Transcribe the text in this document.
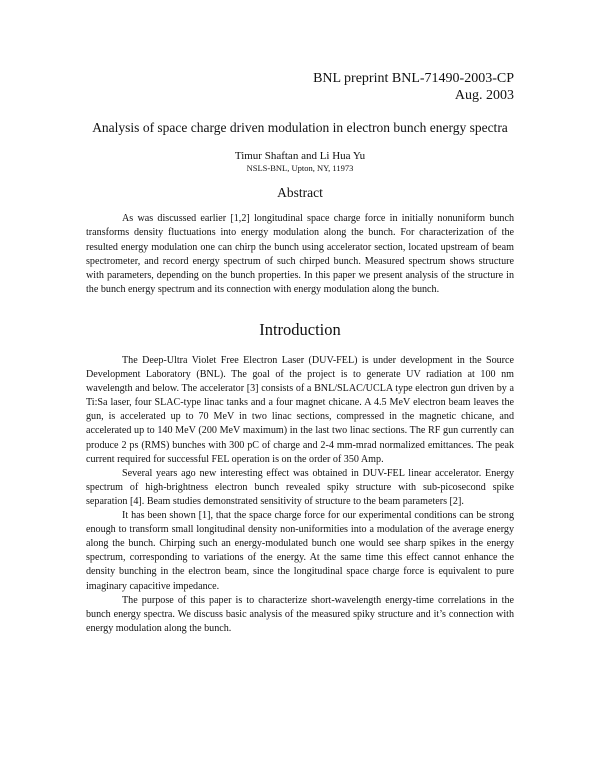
BNL preprint BNL-71490-2003-CP
Aug. 2003
Analysis of space charge driven modulation in electron bunch energy spectra
Timur Shaftan and Li Hua Yu
NSLS-BNL, Upton, NY, 11973
Abstract

As was discussed earlier [1,2] longitudinal space charge force in initially nonuniform bunch transforms density fluctuations into energy modulation along the bunch. For characterization of the resulted energy modulation one can chirp the bunch using accelerator section, located upstream of beam spectrometer, and record energy spectrum of such chirped bunch. Measured spectrum shows structure with parameters, depending on the bunch properties. In this paper we present analysis of the structure in the bunch energy spectrum and its connection with energy modulation along the bunch.

Introduction

The Deep-Ultra Violet Free Electron Laser (DUV-FEL) is under development in the Source Development Laboratory (BNL). The goal of the project is to generate UV radiation at 100 nm wavelength and below. The accelerator [3] consists of a BNL/SLAC/UCLA type electron gun driven by a Ti:Sa laser, four SLAC-type linac tanks and a four magnet chicane. A 4.5 MeV electron beam leaves the gun, is accelerated up to 70 MeV in two linac sections, compressed in the magnetic chicane, and accelerated up to 140 MeV (200 MeV maximum) in the last two linac sections. The RF gun currently can produce 2 ps (RMS) bunches with 300 pC of charge and 2-4 mm-mrad normalized emittances. The peak current required for successful FEL operation is on the order of 350 Amp.

Several years ago new interesting effect was obtained in DUV-FEL linear accelerator. Energy spectrum of high-brightness electron bunch revealed spiky structure with sub-picosecond spike separation [4]. Beam studies demonstrated sensitivity of structure to the beam parameters [2].

It has been shown [1], that the space charge force for our experimental conditions can be strong enough to transform small longitudinal density non-uniformities into a modulation of the average energy along the bunch. Chirping such an energy-modulated bunch one would see sharp spikes in the energy spectrum, corresponding to variations of the energy. At the same time this effect cannot enhance the density bunching in the electron beam, since the longitudinal space charge force is equivalent to pure imaginary capacitive impedance.

The purpose of this paper is to characterize short-wavelength energy-time correlations in the bunch energy spectra. We discuss basic analysis of the measured spiky structure and it’s connection with energy modulation along the bunch.
